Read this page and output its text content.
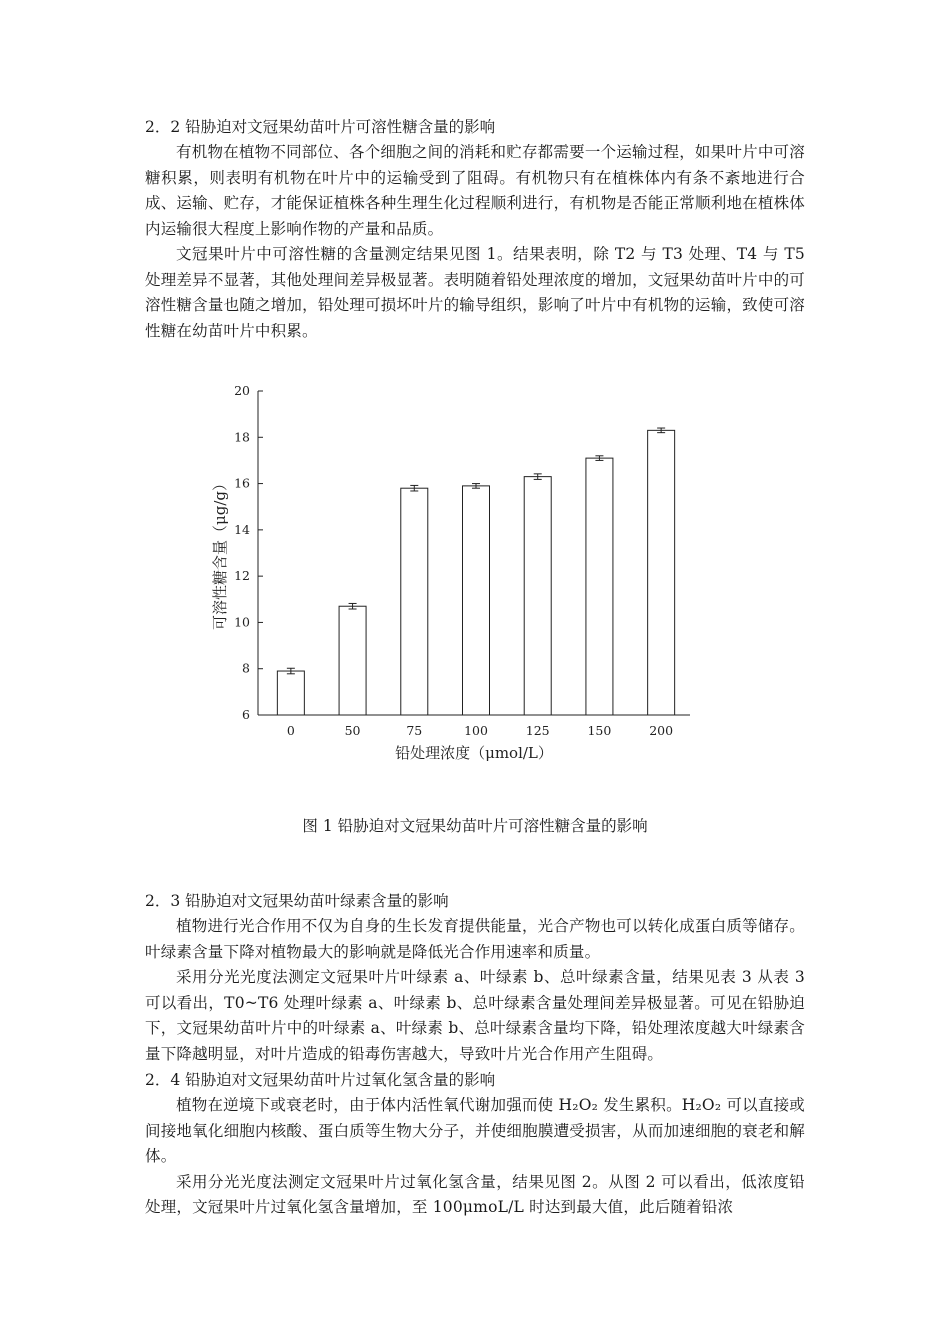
2．2 铅胁迫对文冠果幼苗叶片可溶性糖含量的影响

有机物在植物不同部位、各个细胞之间的消耗和贮存都需要一个运输过程，如果叶片中可溶糖积累，则表明有机物在叶片中的运输受到了阻碍。有机物只有在植株体内有条不紊地进行合成、运输、贮存，才能保证植株各种生理生化过程顺利进行，有机物是否能正常顺利地在植株体内运输很大程度上影响作物的产量和品质。

文冠果叶片中可溶性糖的含量测定结果见图 1。结果表明，除 T2 与 T3 处理、T4 与 T5 处理差异不显著，其他处理间差异极显著。表明随着铅处理浓度的增加，文冠果幼苗叶片中的可溶性糖含量也随之增加，铅处理可损坏叶片的输导组织，影响了叶片中有机物的运输，致使可溶性糖在幼苗叶片中积累。

6
8
10
12
14
16
18
20
0	50	75	100	125	150	200
铅处理浓度（μmol/L）
可溶性糖含量（μg/g）
图 1 铅胁迫对文冠果幼苗叶片可溶性糖含量的影响

2．3 铅胁迫对文冠果幼苗叶绿素含量的影响

植物进行光合作用不仅为自身的生长发育提供能量，光合产物也可以转化成蛋白质等储存。叶绿素含量下降对植物最大的影响就是降低光合作用速率和质量。

采用分光光度法测定文冠果叶片叶绿素 a、叶绿素 b、总叶绿素含量，结果见表 3 从表 3 可以看出，T0~T6 处理叶绿素 a、叶绿素 b、总叶绿素含量处理间差异极显著。可见在铅胁迫下，文冠果幼苗叶片中的叶绿素 a、叶绿素 b、总叶绿素含量均下降，铅处理浓度越大叶绿素含量下降越明显，对叶片造成的铅毒伤害越大，导致叶片光合作用产生阻碍。

2．4 铅胁迫对文冠果幼苗叶片过氧化氢含量的影响

植物在逆境下或衰老时，由于体内活性氧代谢加强而使 H₂O₂ 发生累积。H₂O₂ 可以直接或间接地氧化细胞内核酸、蛋白质等生物大分子，并使细胞膜遭受损害，从而加速细胞的衰老和解体。

采用分光光度法测定文冠果叶片过氧化氢含量，结果见图 2。从图 2 可以看出，低浓度铅处理，文冠果叶片过氧化氢含量增加，至 100μmoL/L 时达到最大值，此后随着铅浓
